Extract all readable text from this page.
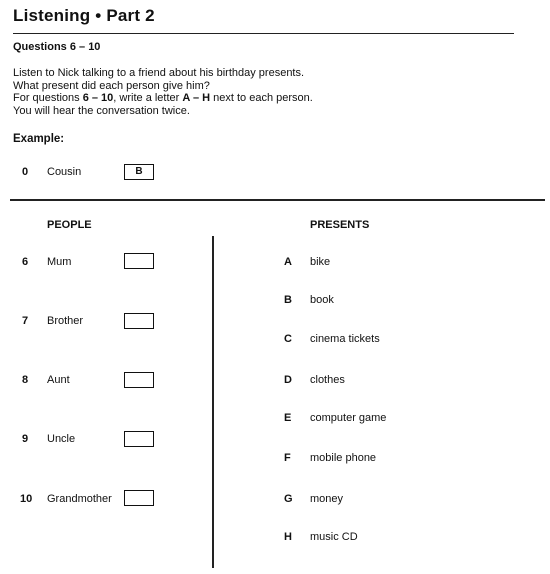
Listening • Part 2
Questions 6 – 10
Listen to Nick talking to a friend about his birthday presents.
What present did each person give him?
For questions 6 – 10, write a letter A – H next to each person.
You will hear the conversation twice.
Example:
0 Cousin	B
PEOPLE	PRESENTS
6 Mum
7 Brother
8 Aunt
9 Uncle
10 Grandmother
A bike
B book
C cinema tickets
D clothes
E computer game
F mobile phone
G money
H music CD
